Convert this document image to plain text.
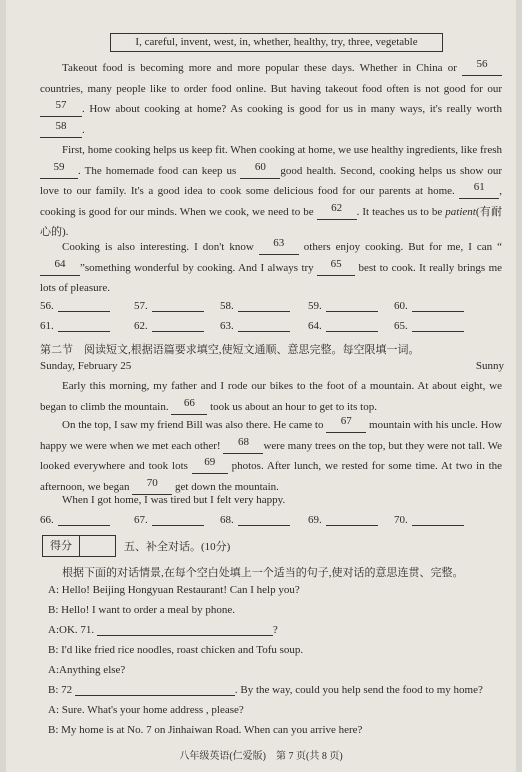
I, careful, invent, west, in, whether, healthy, try, three, vegetable
Takeout food is becoming more and more popular these days. Whether in China or 56 countries, many people like to order food online. But having takeout food often is not good for our 57 . How about cooking at home? As cooking is good for us in many ways, it's really worth 58 .
First, home cooking helps us keep fit. When cooking at home, we use healthy ingredients, like fresh 59 . The homemade food can keep us 60 good health. Second, cooking helps us show our love to our family. It's a good idea to cook some delicious food for our parents at home. 61 , cooking is good for our minds. When we cook, we need to be 62 . It teaches us to be patient(有耐心的).
Cooking is also interesting. I don't know 63 others enjoy cooking. But for me, I can “64 ”something wonderful by cooking. And I always try 65 best to cook. It really brings me lots of pleasure.
56.	57.	58.	59.	60.
61.	62.	63.	64.	65.
第二节　阅读短文,根据语篇要求填空,使短文通顺、意思完整。每空限填一词。
Sunday, February 25	Sunny
Early this morning, my father and I rode our bikes to the foot of a mountain. At about eight, we began to climb the mountain. 66 took us about an hour to get to its top.
On the top, I saw my friend Bill was also there. He came to 67 mountain with his uncle. How happy we were when we met each other! 68 were many trees on the top, but they were not tall. We looked everywhere and took lots 69 photos. After lunch, we rested for some time. At two in the afternoon, we began 70 get down the mountain.
When I got home, I was tired but I felt very happy.
66.	67.	68.	69.	70.
得分	五、补全对话。(10分)
根据下面的对话情景,在每个空白处填上一个适当的句子,使对话的意思连贯、完整。
A: Hello! Beijing Hongyuan Restaurant! Can I help you?
B: Hello! I want to order a meal by phone.
A:OK. 71.	?
B: I'd like fried rice noodles, roast chicken and Tofu soup.
A:Anything else?
B: 72	. By the way, could you help send the food to my home?
A: Sure. What's your home address , please?
B: My home is at No. 7 on Jinhaiwan Road. When can you arrive here?
八年级英语(仁爱版)　第 7 页(共 8 页)
